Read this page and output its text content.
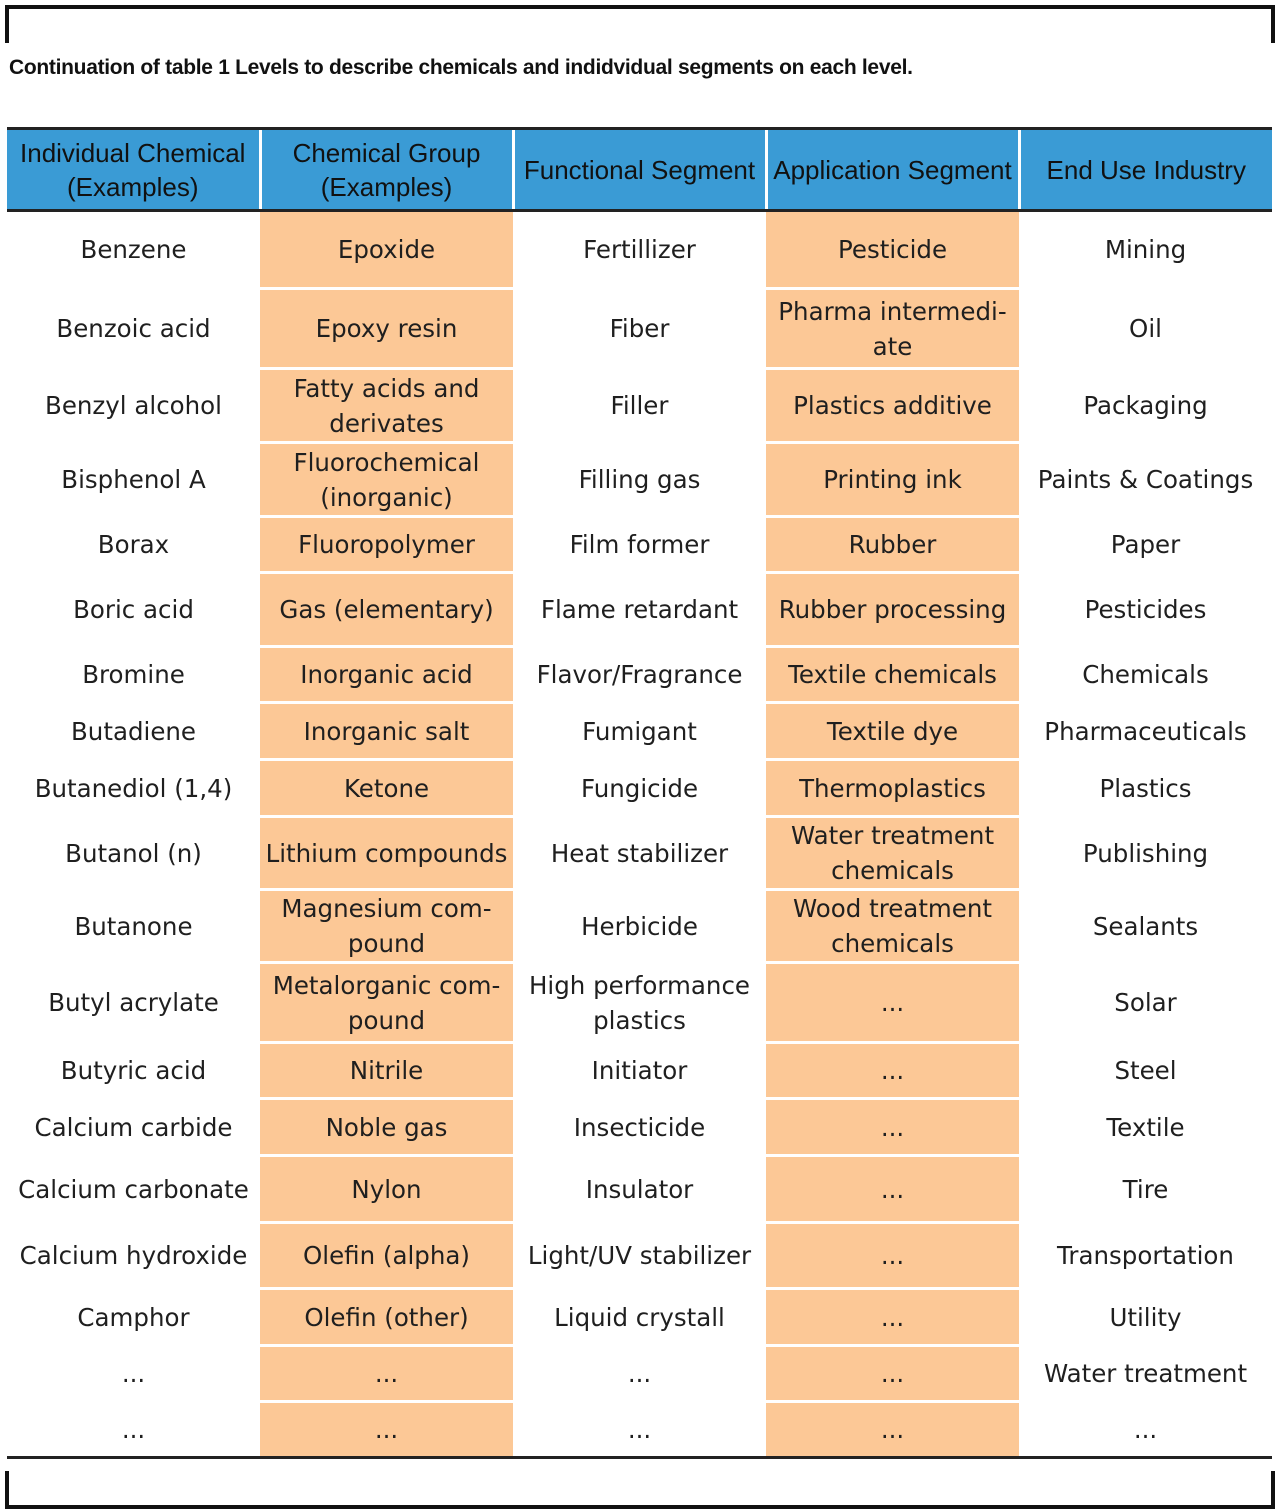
Continuation of table 1 Levels to describe chemicals and indidvidual segments on each level.
Individual Chemical (Examples)	Chemical Group (Examples)	Functional Segment	Application Segment	End Use Industry
Benzene	Epoxide	Fertillizer	Pesticide	Mining
Benzoic acid	Epoxy resin	Fiber	Pharma intermedi-ate	Oil
Benzyl alcohol	Fatty acids and derivates	Filler	Plastics additive	Packaging
Bisphenol A	Fluorochemical (inorganic)	Filling gas	Printing ink	Paints & Coatings
Borax	Fluoropolymer	Film former	Rubber	Paper
Boric acid	Gas (elementary)	Flame retardant	Rubber processing	Pesticides
Bromine	Inorganic acid	Flavor/Fragrance	Textile chemicals	Chemicals
Butadiene	Inorganic salt	Fumigant	Textile dye	Pharmaceuticals
Butanediol (1,4)	Ketone	Fungicide	Thermoplastics	Plastics
Butanol (n)	Lithium compounds	Heat stabilizer	Water treatment chemicals	Publishing
Butanone	Magnesium com-pound	Herbicide	Wood treatment chemicals	Sealants
Butyl acrylate	Metalorganic com-pound	High performance plastics	...	Solar
Butyric acid	Nitrile	Initiator	...	Steel
Calcium carbide	Noble gas	Insecticide	...	Textile
Calcium carbonate	Nylon	Insulator	...	Tire
Calcium hydroxide	Olefin (alpha)	Light/UV stabilizer	...	Transportation
Camphor	Olefin (other)	Liquid crystall	...	Utility
...	...	...	...	Water treatment
...	...	...	...	...
